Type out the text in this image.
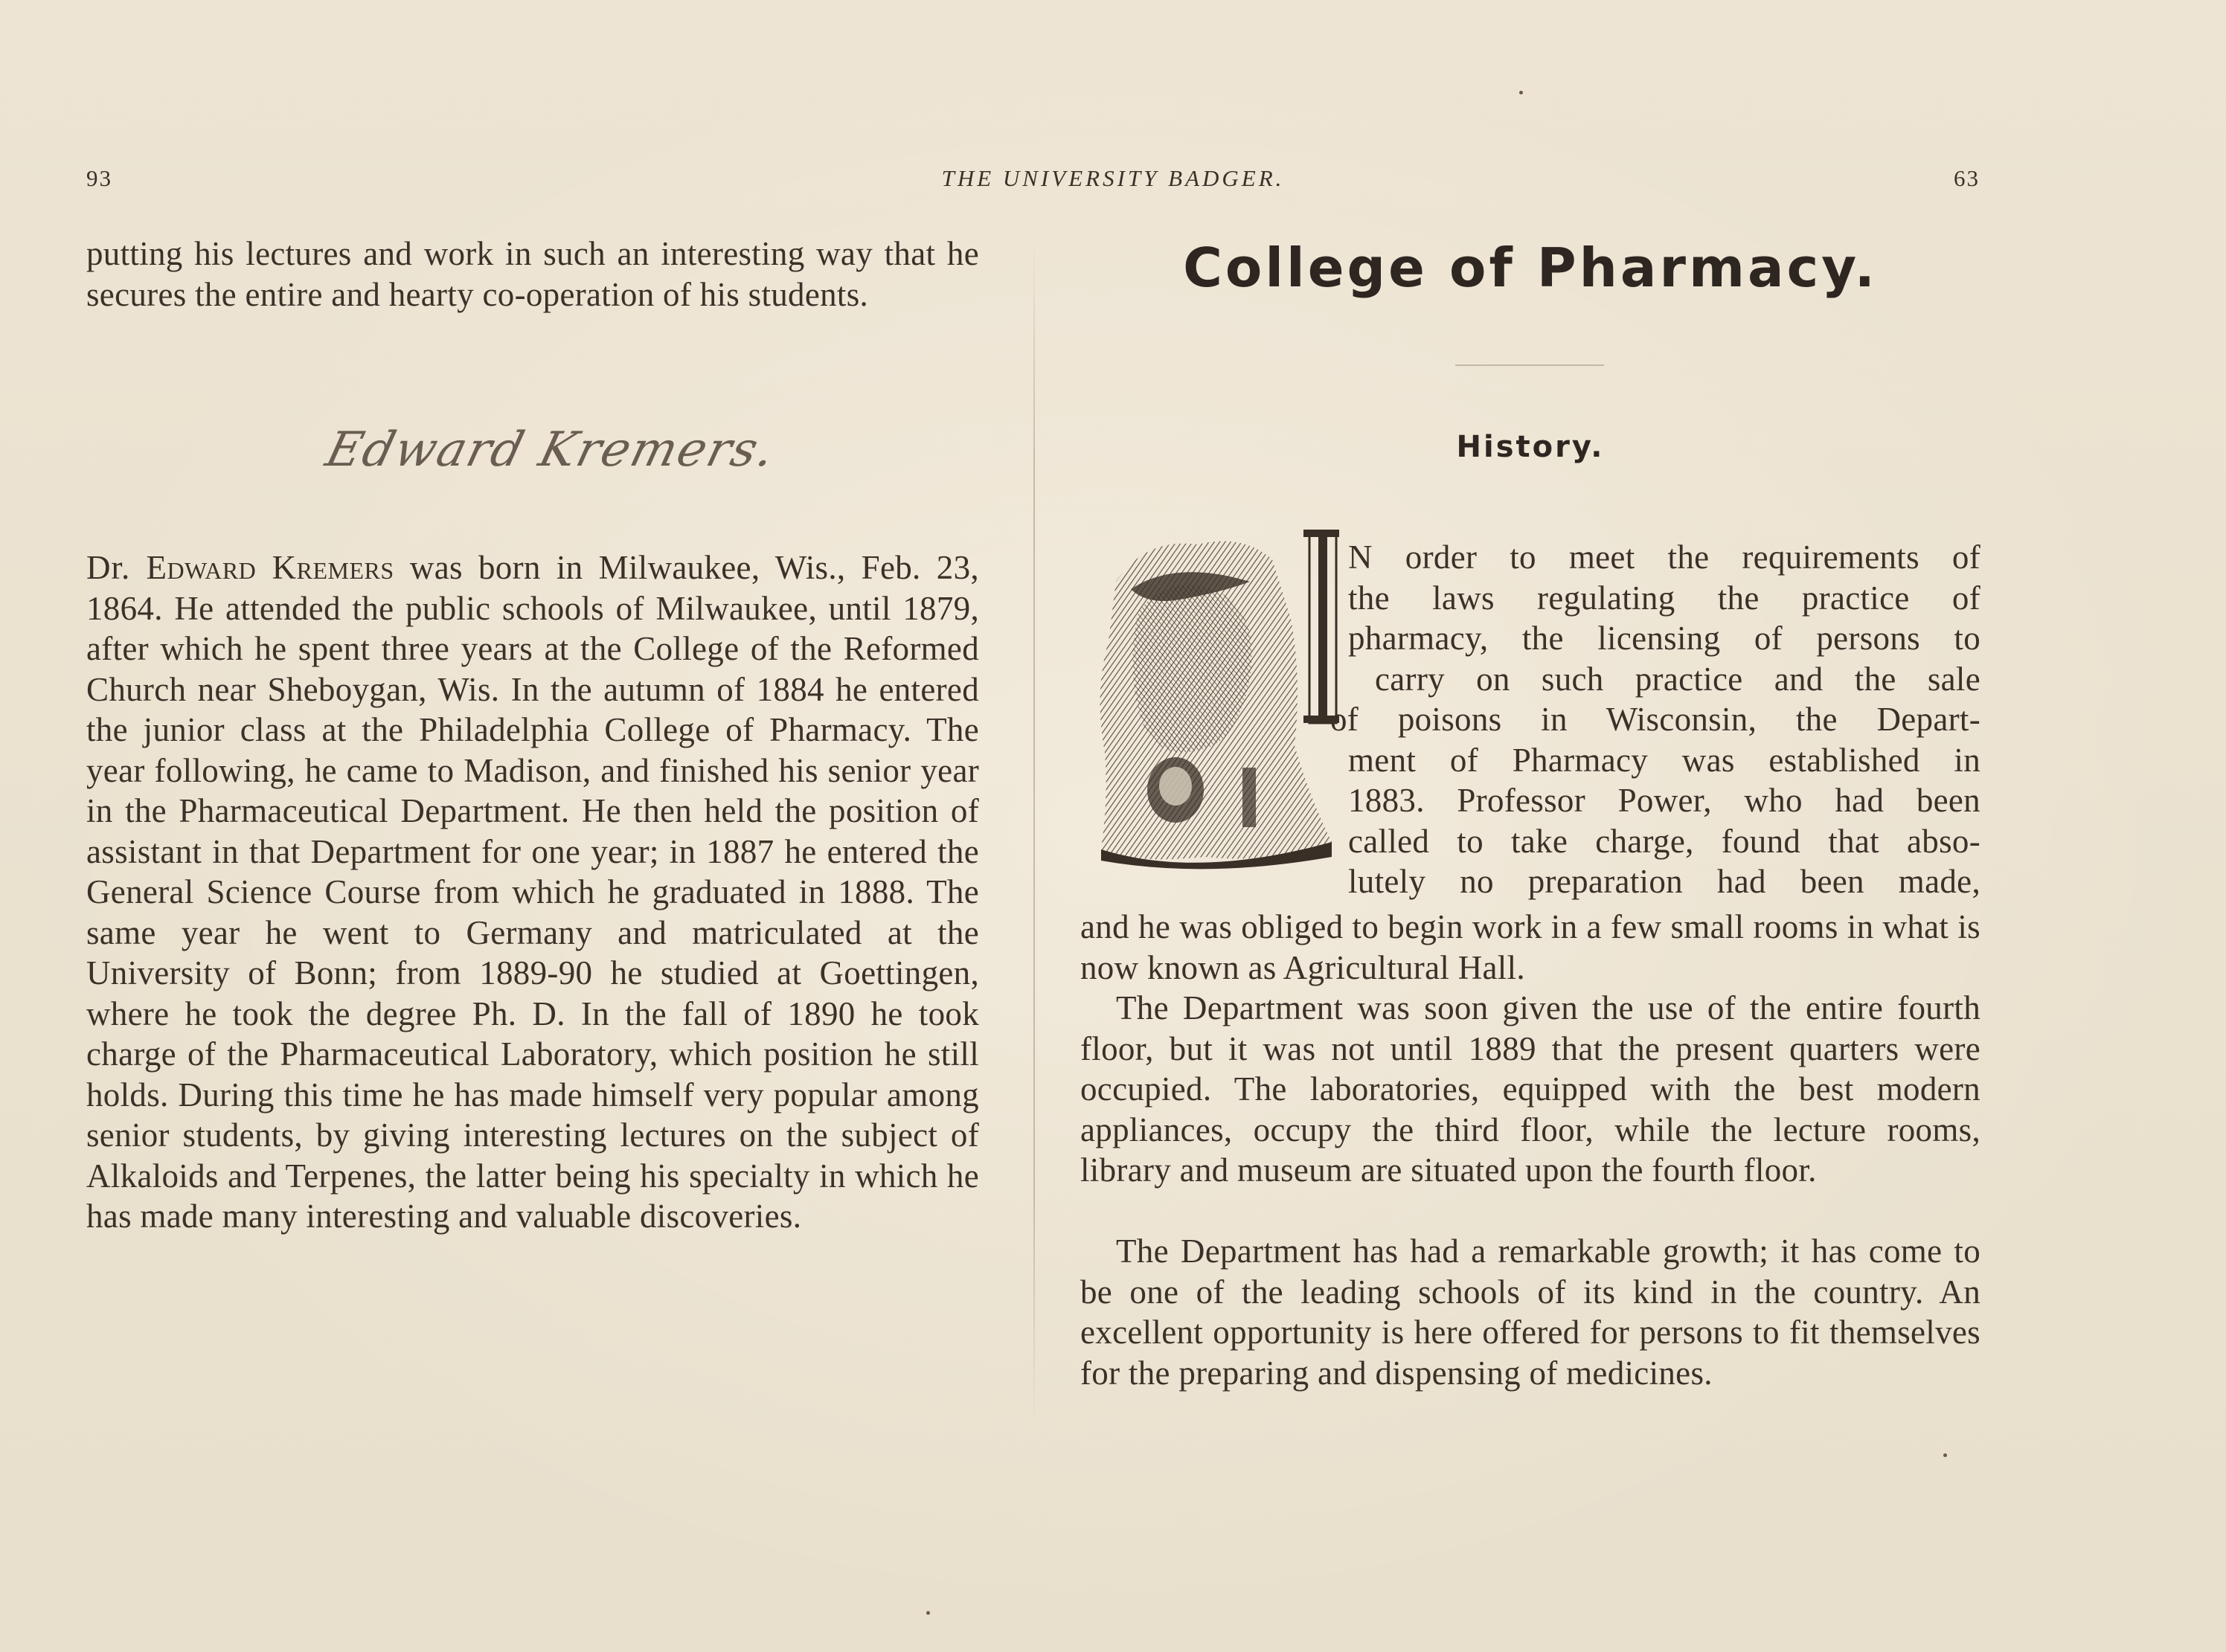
93	THE UNIVERSITY BADGER.	63

putting his lectures and work in such an interesting way that he secures the entire and hearty co-operation of his students.

Edward Kremers.

Dr. Edward Kremers was born in Milwaukee, Wis., Feb. 23, 1864. He attended the public schools of Milwaukee, until 1879, after which he spent three years at the College of the Reformed Church near Sheboygan, Wis. In the autumn of 1884 he entered the junior class at the Philadelphia College of Pharmacy. The year following, he came to Madison, and finished his senior year in the Pharmaceutical Department. He then held the position of assistant in that Department for one year; in 1887 he entered the General Science Course from which he graduated in 1888. The same year he went to Germany and matriculated at the University of Bonn; from 1889-90 he studied at Goettingen, where he took the degree Ph. D. In the fall of 1890 he took charge of the Pharmaceutical Laboratory, which position he still holds. During this time he has made himself very popular among senior students, by giving interesting lectures on the subject of Alkaloids and Terpenes, the latter being his specialty in which he has made many interesting and valuable discoveries.

College of Pharmacy.
History.
N order to meet the requirements of
the laws regulating the practice of
pharmacy, the licensing of persons to
carry on such practice and the sale
of poisons in Wisconsin, the Depart-
ment of Pharmacy was established in
1883. Professor Power, who had been
called to take charge, found that abso-
lutely no preparation had been made,

and he was obliged to begin work in a few small rooms in what is now known as Agricultural Hall.

The Department was soon given the use of the entire fourth floor, but it was not until 1889 that the present quarters were occupied. The laboratories, equipped with the best modern appliances, occupy the third floor, while the lecture rooms, library and museum are situated upon the fourth floor.

The Department has had a remarkable growth; it has come to be one of the leading schools of its kind in the country. An excellent opportunity is here offered for persons to fit themselves for the preparing and dispensing of medicines.
